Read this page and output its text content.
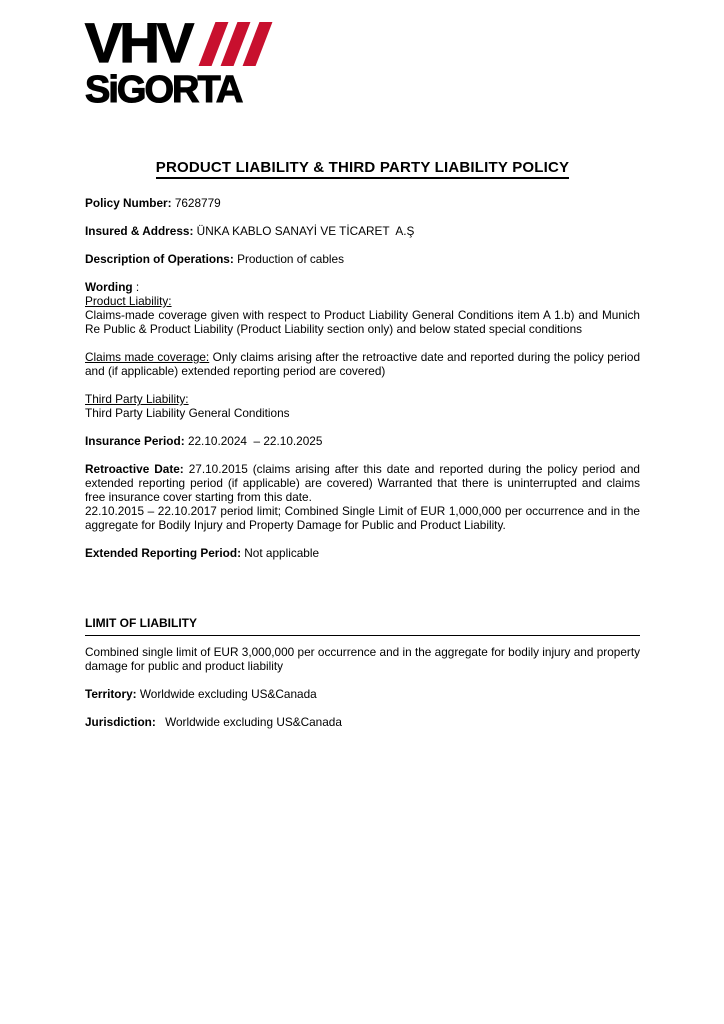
VHV
SiGORTA
PRODUCT LIABILITY & THIRD PARTY LIABILITY POLICY

Policy Number: 7628779

Insured & Address: ÜNKA KABLO SANAYİ VE TİCARET  A.Ş

Description of Operations: Production of cables

Wording :

Product Liability:

Claims-made coverage given with respect to Product Liability General Conditions item A 1.b) and Munich Re Public & Product Liability (Product Liability section only) and below stated special conditions

Claims made coverage: Only claims arising after the retroactive date and reported during the policy period and (if applicable) extended reporting period are covered)

Third Party Liability:

Third Party Liability General Conditions

Insurance Period: 22.10.2024  – 22.10.2025

Retroactive Date: 27.10.2015 (claims arising after this date and reported during the policy period and extended reporting period (if applicable) are covered) Warranted that there is uninterrupted and claims free insurance cover starting from this date.
22.10.2015 – 22.10.2017 period limit; Combined Single Limit of EUR 1,000,000 per occurrence and in the aggregate for Bodily Injury and Property Damage for Public and Product Liability.

Extended Reporting Period: Not applicable

LIMIT OF LIABILITY

Combined single limit of EUR 3,000,000 per occurrence and in the aggregate for bodily injury and property damage for public and product liability

Territory: Worldwide excluding US&Canada

Jurisdiction: Worldwide excluding US&Canada
